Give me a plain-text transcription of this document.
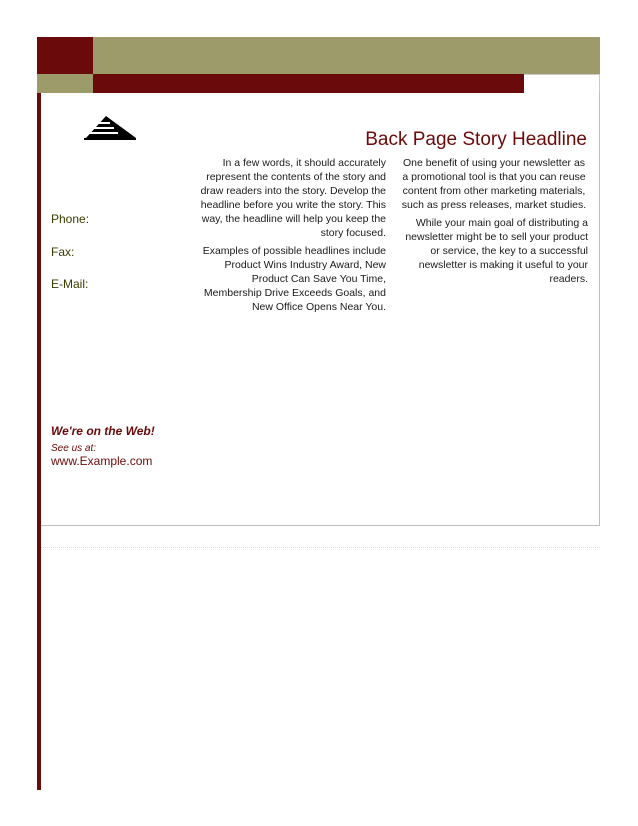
Phone:
Fax:
E-Mail:
We're on the Web!
See us at:
www.Example.com
Back Page Story Headline

In a few words, it should accurately represent the contents of the story and draw readers into the story. Develop the headline before you write the story. This way, the headline will help you keep the story focused.

Examples of possible headlines include Product Wins Industry Award, New Product Can Save You Time, Membership Drive Exceeds Goals, and New Office Opens Near You.

One benefit of using your newsletter as a promotional tool is that you can reuse content from other marketing materials, such as press releases, market studies.

While your main goal of distributing a newsletter might be to sell your product or service, the key to a successful newsletter is making it useful to your readers.
